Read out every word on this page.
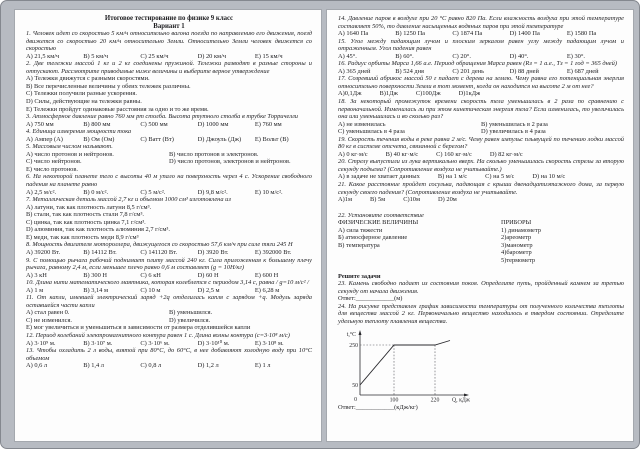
Итоговое тестирование по физике 9 класс
Вариант 1
1. Человек идет со скоростью 5 км/ч относительно вагона поезда по направлению его движения, поезд движется со скоростью 20 км/ч относительно Земли. Относительно Земли человек движется со скоростью
A) 21,5 км/ч	B) 5 км/ч	C) 25 км/ч	D) 20 км/ч	E) 15 км/ч
2. Две тележки массой 1 кг и 2 кг соединены пружиной. Тележки разводят в разные стороны и отпускают. Рассмотрите приводимые ниже величины и выберите верное утверждение
A) Тележки движутся с разными скоростями.
B) Все перечисленные величины у обеих тележек различны.
C) Тележки получили разные ускорения.
D) Силы, действующие на тележки равны.
E) Тележки пройдут одинаковые расстояния за одно и то же время.
3. Атмосферное давление равно 760 мм рт столба. Высота ртутного столба в трубке Торричелли
A) 750 мм	B) 800 мм	C) 500 мм	D) 1000 мм	E) 760 мм
4. Единица измерения мощности тока
A) Ампер (А)	B) Ом (Ом)	C) Ватт (Вт)	D) Джоуль (Дж)	E) Вольт (В)
5. Массовым числом называют.
A) число протонов и нейтронов.	B) число протонов и электронов.
C) число нейтронов.	D) число протонов, электронов и нейтронов.
E) число протонов.
6. На некоторой планете тело с высоты 40 м упало на поверхность через 4 с. Ускорение свободного падения на планете равно
A) 2,5 м/с².	B) 0 м/с².	C) 5 м/с².	D) 9,8 м/с².	E) 10 м/с².
7. Металлическая деталь массой 2,7 кг и объемом 1000 см³ изготовлена из
A) латуни, так как плотность латуни 8,5 г/см³.
B) стали, так как плотность стали 7,8 г/см³.
C) цинка, так как плотность цинка 7,1 г/см³.
D) алюминия, так как плотность алюминия 2,7 г/см³.
E) меди, так как плотность меди 8,9 г/см³
8. Мощность двигателя мотороллера, движущегося со скоростью 57,6 км/ч при силе тяги 245 Н
A) 39200 Вт.	B) 14112 Вт.	C) 141120 Вт.	D) 3920 Вт.	E) 392000 Вт.
9. С помощью рычага рабочий поднимает плиту массой 240 кг. Сила приложенная к большему плечу рычага, равному 2,4 м, если меньшее плечо равно 0,6 м составляет (g = 10Н/кг)
A) 3 кН	B) 300 Н	C) 6 кН	D) 60 Н	E) 600 Н
10. Длина нити математического маятника, которая колеблется с периодом 3,14 с, равна / g=10 м/с² /
A) 1 м	B) 3,14 м	C) 10 м	D) 2,5 м	E) 6,28 м
11. От капли, имевшей электрический заряд +2q отделилась капля с зарядом +q. Модуль заряда оставшейся части капли
A) стал равен 0.	B) уменьшился.
C) не изменился.	D) увеличился.
E) мог увеличиться и уменьшиться в зависимости от размера отделившейся капли
12. Период колебаний электромагнитного контура равен 1 с. Длина волны контура (с=3·10⁸ м/с)
A) 3·10⁹ м.	B) 3·10⁷ м.	C) 3·10⁶ м.	D) 3·10¹⁰ м.	E) 3·10⁸ м.
13. Чтобы охладить 2 л воды, взятой при 80°С, до 60°С, в нее добавляют холодную воду при 10°С объемом
A) 0,6 л	B) 1,4 л	C) 0,8 л	D) 1,2 л	E) 1 л
14. Давление паров в воздухе при 20 °С равно 820 Па. Если влажность воздуха при этой температуре составляет 50%, то давление насыщенных водяных паров при этой температуре
A) 1640 Па	B) 1250 Па	C) 1874 Па	D) 1400 Па	E) 1580 Па
15. Угол между падающим лучом и плоским зеркалом равен углу между падающим лучом и отраженным. Угол падения равен
A) 45°.	B) 60°.	C) 20°.	D) 40°.	E) 30°.
16. Радиус орбиты Марса 1,66 а.е. Период обращения Марса равен (Rз = 1 а.е., Тз = 1 год = 365 дней)
A) 365 дней	B) 524 дня	C) 201 день	D) 88 дней	E) 687 дней
17. Созревший абрикос массой 50 г падает с дерева на землю. Чему равна его потенциальная энергия относительно поверхности Земли в тот момент, когда он находится на высоте 2 м от нее?
A)0,1Дж	B)1Дж	C)100Дж	D)1кДж
18. За некоторый промежуток времени скорость тела уменьшилась в 2 раза по сравнению с первоначальной. Изменилась ли при этом кинетическая энергия тела? Если изменилась, то увеличилась она или уменьшилась и во сколько раз?
A) не изменилась	B) уменьшилась в 2 раза
C) уменьшилась в 4 раза	D) увеличилась в 4 раза
19. Скорость течения воды в реке равна 2 м/с. Чему равен импульс плывущей по течению лодки массой 80 кг в системе отсчета, связанной с берегом?
A) 0 кг·м/с	B) 40 кг·м/с	C) 160 кг·м/с	D) 82 кг·м/с
20. Стрелу выпустили из лука вертикально вверх. На сколько уменьшилась скорость стрелы за вторую секунду подъема? (Сопротивление воздуха не учитывайте.)
A) в задаче не хватает данных	B) на 1 м/с	C) на 5 м/с	D) на 10 м/с
21. Какое расстояние пройдет сосулька, падающая с крыши двенадцатиэтажного дома, за первую секунду своего падения? (Сопротивление воздуха не учитывайте.
A)1м	B) 5м	C)10м	D) 20м
22. Установите соответствие
ФИЗИЧЕСКИЕ ВЕЛИЧИНЫ	ПРИБОРЫ
A) сила тяжести	1) динамометр
Б) атмосферное давление	2)ареометр
В) температура	3)манометр
4)барометр
5)термометр
Решите задачи
23. Камень свободно падает из состояния покоя. Определите путь, пройденный камнем за третью секунду от начала движения.
Ответ:____________(м)
24. На рисунке представлен график зависимости температуры от полученного количества теплоты для вещества массой 2 кг. Первоначально вещество находилось в твердом состоянии. Определите удельную теплоту плавления вещества.
t,°C
250
50
0	100	220 Q, кДж
Ответ:____________(кДж/кг)
